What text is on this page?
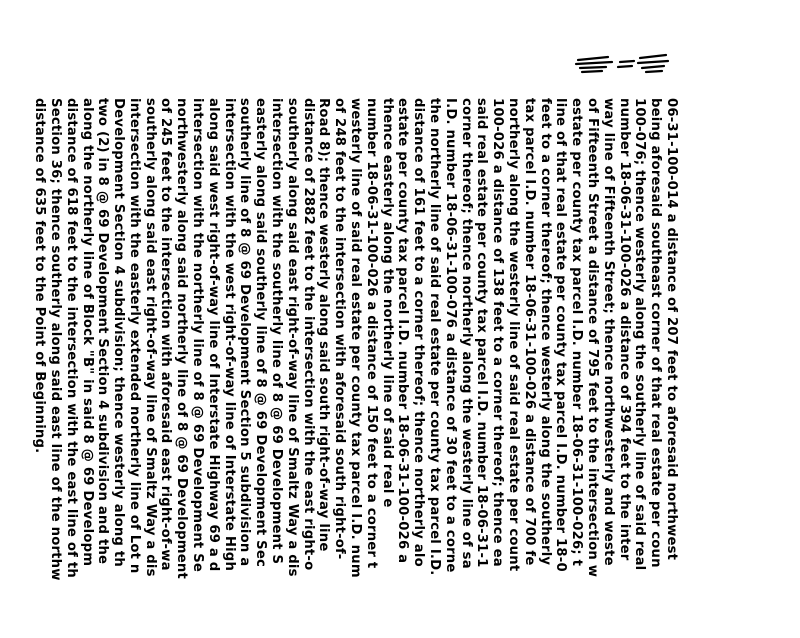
06-31-100-014 a distance of 207 feet to aforesaid northwest
being aforesaid southeast corner of that real estate per coun
100-076; thence westerly along the southerly line of said real
number 18-06-31-100-026 a distance of 394 feet to the inter
way line of Fifteenth Street; thence northwesterly and weste
of Fifteenth Street a distance of 795 feet to the intersection w
estate per county tax parcel I.D. number 18-06-31-100-026; t
line of that real estate per county tax parcel I.D. number 18-0
feet to a corner thereof; thence westerly along the southerly
tax parcel I.D. number 18-06-31-100-026 a distance of 700 fe
northerly along the westerly line of said real estate per count
100-026 a distance of 138 feet to a corner thereof; thence ea
said real estate per county tax parcel I.D. number 18-06-31-1
corner thereof; thence northerly along the westerly line of sa
I.D. number 18-06-31-100-076 a distance of 30 feet to a corne
the northerly line of said real estate per county tax parcel I.D.
distance of 161 feet to a corner thereof; thence northerly alo
estate per county tax parcel I.D. number 18-06-31-100-026 a
thence easterly along the northerly line of said real e
number 18-06-31-100-026 a distance of 150 feet to a corner t
westerly line of said real estate per county tax parcel I.D. num
of 248 feet to the intersection with aforesaid south right-of-
Road 8); thence westerly along said south right-of-way line
distance of 2882 feet to the intersection with the east right-o
southerly along said east right-of-way line of Smaltz Way a dis
intersection with the southerly line of 8 @ 69 Development S
easterly along said southerly line of 8 @ 69 Development Sec
southerly line of 8 @ 69 Development Section 5 subdivision a
intersection with the west right-of-way line of Interstate High
along said west right-of-way line of Interstate Highway 69 a d
intersection with the northerly line of 8 @ 69 Development Se
northwesterly along said northerly line of 8 @ 69 Development
of 245 feet to the intersection with aforesaid east right-of-wa
southerly along said east right-of-way line of Smaltz Way a dis
intersection with the easterly extended northerly line of Lot n
Development Section 4 subdivision; thence westerly along th
two (2) in 8 @ 69 Development Section 4 subdivision and the
along the northerly line of Block "B" in said 8 @ 69 Developm
distance of 618 feet to the intersection with the east line of th
Section 36; thence southerly along said east line of the northw
distance of 635 feet to the Point of Beginning.
